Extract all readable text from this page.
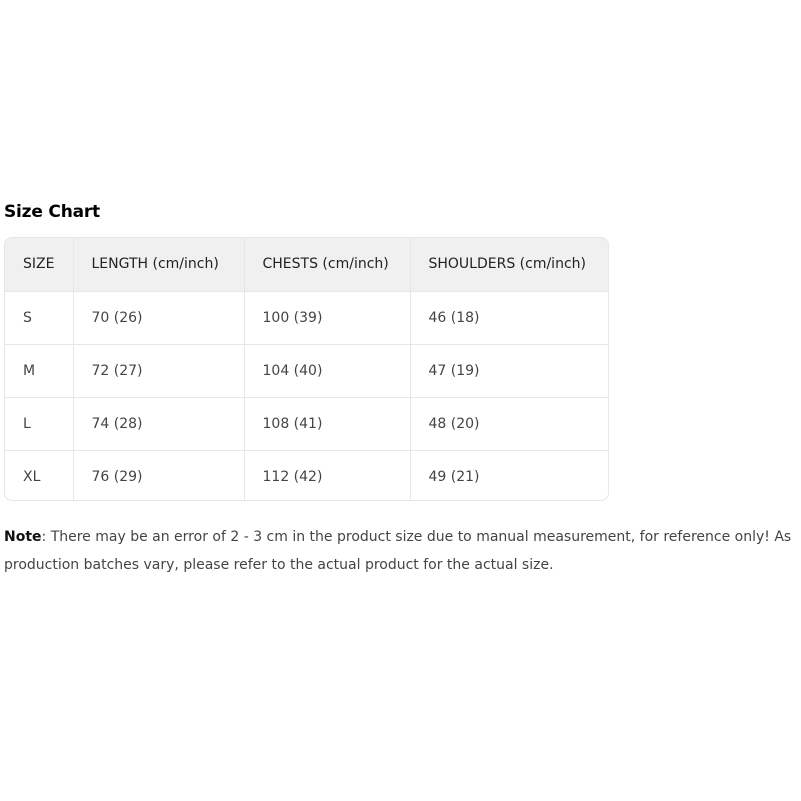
Size Chart
SIZE	LENGTH (cm/inch)	CHESTS (cm/inch)	SHOULDERS (cm/inch)
S	70 (26)	100 (39)	46 (18)
M	72 (27)	104 (40)	47 (19)
L	74 (28)	108 (41)	48 (20)
XL	76 (29)	112 (42)	49 (21)
Note: There may be an error of 2 - 3 cm in the product size due to manual measurement, for reference only! As production batches vary, please refer to the actual product for the actual size.
